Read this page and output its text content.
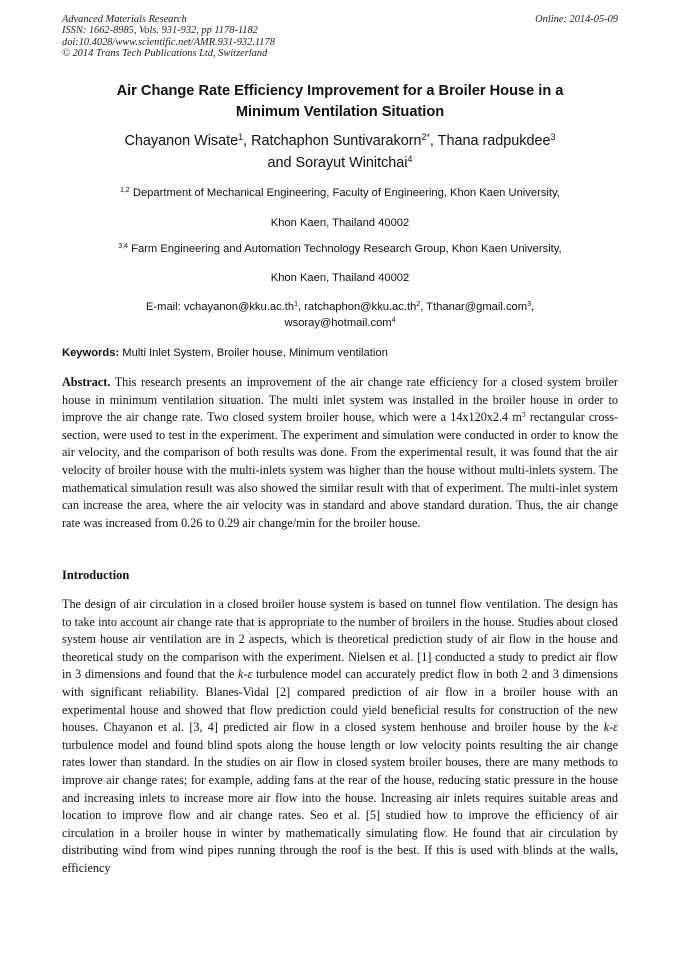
Advanced Materials Research
ISSN: 1662-8985, Vols. 931-932, pp 1178-1182
doi:10.4028/www.scientific.net/AMR.931-932.1178
© 2014 Trans Tech Publications Ltd, Switzerland
Online: 2014-05-09
Air Change Rate Efficiency Improvement for a Broiler House in a
Minimum Ventilation Situation
Chayanon Wisate$^1$, Ratchaphon Suntivarakorn$^{2*}$, Thana radpukdee$^3$
and Sorayut Winitchai$^4$
$^{1,2}$ Department of Mechanical Engineering, Faculty of Engineering, Khon Kaen University,
Khon Kaen, Thailand 40002
$^{3,4}$ Farm Engineering and Automation Technology Research Group, Khon Kaen University,
Khon Kaen, Thailand 40002
E-mail: $vchayanon@kku.ac.th^1$, $ratchaphon@kku.ac.th^2$, Tthanar@gmail.com$^3$,
wsoray@hotmail.com$^4$
Keywords: Multi Inlet System, Broiler house, Minimum ventilation

Abstract. This research presents an improvement of the air change rate efficiency for a closed system broiler house in minimum ventilation situation. The multi inlet system was installed in the broiler house in order to improve the air change rate. Two closed system broiler house, which were a 14x120x2.4 $m^3$ rectangular cross-section, were used to test in the experiment. The experiment and simulation were conducted in order to know the air velocity, and the comparison of both results was done. From the experimental result, it was found that the air velocity of broiler house with the multi-inlets system was higher than the house without multi-inlets system. The mathematical simulation result was also showed the similar result with that of experiment. The multi-inlet system can increase the area, where the air velocity was in standard and above standard duration. Thus, the air change rate was increased from 0.26 to 0.29 air change/min for the broiler house.

Introduction

The design of air circulation in a closed broiler house system is based on tunnel flow ventilation. The design has to take into account air change rate that is appropriate to the number of broilers in the house. Studies about closed system house air ventilation are in 2 aspects, which is theoretical prediction study of air flow in the house and theoretical study on the comparison with the experiment. Nielsen et al. [1] conducted a study to predict air flow in 3 dimensions and found that the k-ε turbulence model can accurately predict flow in both 2 and 3 dimensions with significant reliability. Blanes-Vidal [2] compared prediction of air flow in a broiler house with an experimental house and showed that flow prediction could yield beneficial results for construction of the new houses. Chayanon et al. [3, 4] predicted air flow in a closed system henhouse and broiler house by the k-ε turbulence model and found blind spots along the house length or low velocity points resulting the air change rates lower than standard. In the studies on air flow in closed system broiler houses, there are many methods to improve air change rates; for example, adding fans at the rear of the house, reducing static pressure in the house and increasing inlets to increase more air flow into the house. Increasing air inlets requires suitable areas and location to improve flow and air change rates. Seo et al. [5] studied how to improve the efficiency of air circulation in a broiler house in winter by mathematically simulating flow. He found that air circulation by distributing wind from wind pipes running through the roof is the best. If this is used with blinds at the walls, efficiency
